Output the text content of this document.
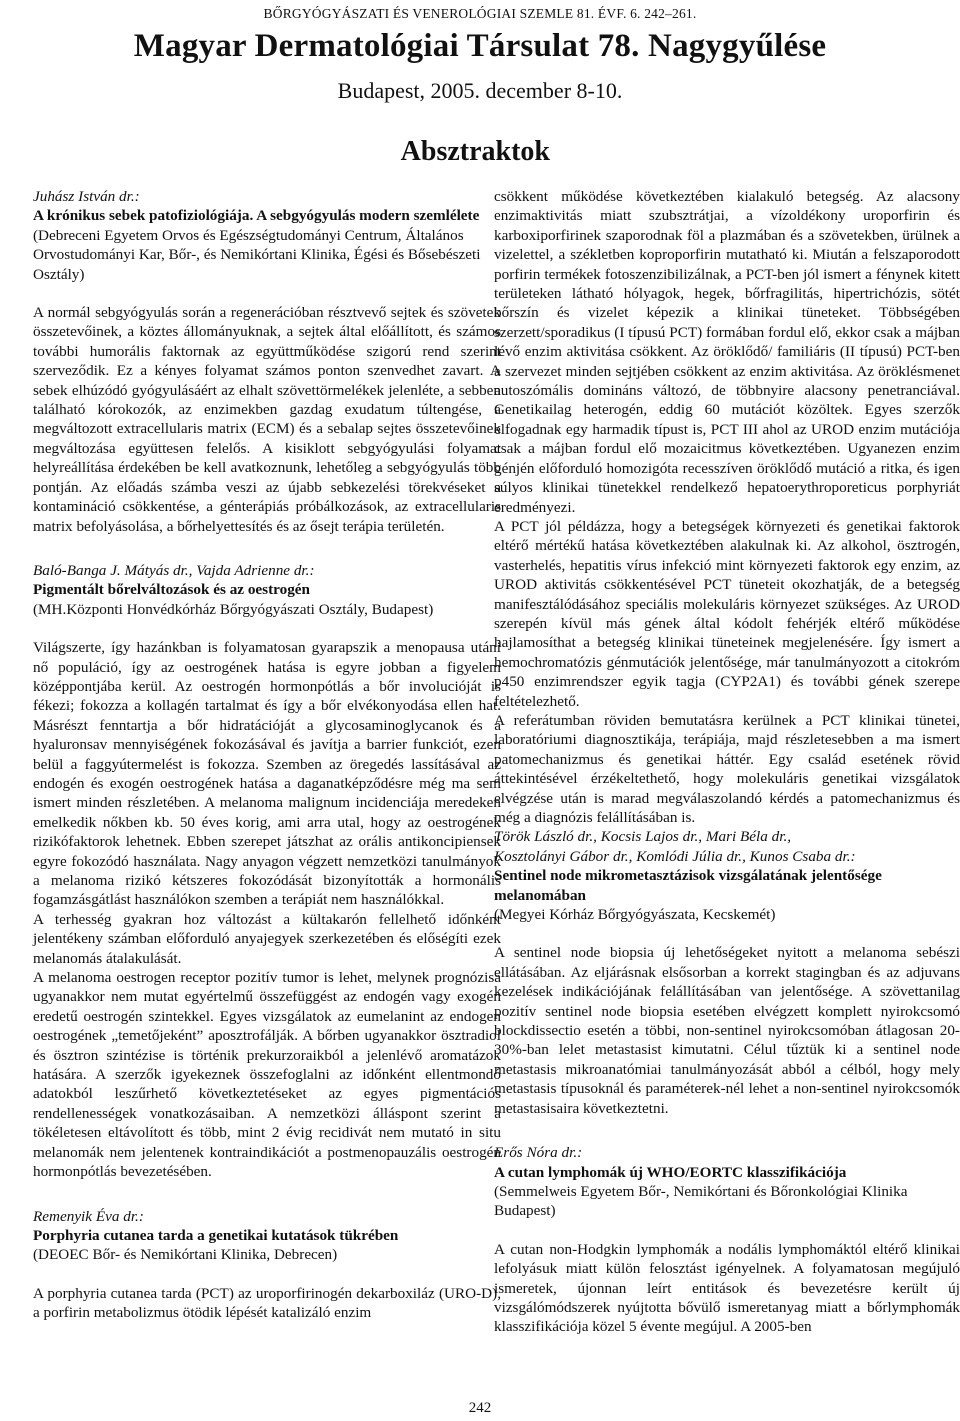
BŐRGYÓGYÁSZATI ÉS VENEROLÓGIAI SZEMLE 81. ÉVF. 6. 242–261.
Magyar Dermatológiai Társulat 78. Nagygyűlése
Budapest, 2005. december 8-10.
Absztraktok
Juhász István dr.:
A krónikus sebek patofiziológiája. A sebgyógyulás modern szemlélete
(Debreceni Egyetem Orvos és Egészségtudományi Centrum, Általános Orvostudományi Kar, Bőr-, és Nemikórtani Klinika, Égési és Bősebészeti Osztály)

A normál sebgyógyulás során a regenerációban résztvevő sejtek és szövetek összetevőinek, a köztes állományuknak, a sejtek által előállított, és számos további humorális faktornak az együttműködése szigorú rend szerint szerveződik. Ez a kényes folyamat számos ponton szenvedhet zavart. A sebek elhúzódó gyógyulásáért az elhalt szövettörmelékek jelenléte, a sebben található kórokozók, az enzimekben gazdag exudatum túltengése, a megváltozott extracellularis matrix (ECM) és a sebalap sejtes összetevőinek megváltozása együttesen felelős. A kisiklott sebgyógyulási folyamat helyreállítása érdekében be kell avatkoznunk, lehetőleg a sebgyógyulás több pontján. Az előadás számba veszi az újabb sebkezelési törekvéseket a kontamináció csökkentése, a génterápiás próbálkozások, az extracellularis matrix befolyásolása, a bőrhelyettesítés és az ősejt terápia területén.

Baló-Banga J. Mátyás dr., Vajda Adrienne dr.:
Pigmentált bőrelváltozások és az oestrogén
(MH.Központi Honvédkórház Bőrgyógyászati Osztály, Budapest)

Világszerte, így hazánkban is folyamatosan gyarapszik a menopausa utáni nő populáció, így az oestrogének hatása is egyre jobban a figyelem középpontjába kerül. Az oestrogén hormonpótlás a bőr involucióját is fékezi; fokozza a kollagén tartalmat és így a bőr elvékonyodása ellen hat. Másrészt fenntartja a bőr hidratációját a glycosaminoglycanok és a hyaluronsav mennyiségének fokozásával és javítja a barrier funkciót, ezen belül a faggyútermelést is fokozza. Szemben az öregedés lassításával az endogén és exogén oestrogének hatása a daganatképződésre még ma sem ismert minden részletében. A melanoma malignum incidenciája meredeken emelkedik nőkben kb. 50 éves korig, ami arra utal, hogy az oestrogének rizikófaktorok lehetnek. Ebben szerepet játszhat az orális antikoncipiensek egyre fokozódó használata. Nagy anyagon végzett nemzetközi tanulmányok a melanoma rizikó kétszeres fokozódását bizonyították a hormonális fogamzásgátlást használókon szemben a terápiát nem használókkal.

A terhesség gyakran hoz változást a kültakarón fellelhető időnként jelentékeny számban előforduló anyajegyek szerkezetében és előségíti ezek melanomás átalakulását.

A melanoma oestrogen receptor pozitív tumor is lehet, melynek prognózisa ugyanakkor nem mutat egyértelmű összefüggést az endogén vagy exogén eredetű oestrogén szintekkel. Egyes vizsgálatok az eumelanint az endogen oestrogének „temetőjeként” aposztrofálják. A bőrben ugyanakkor ösztradiol és ösztron szintézise is történik prekurzoraikból a jelenlévő aromatázok hatására. A szerzők igyekeznek összefoglalni az időnként ellentmondó adatokból leszűrhető következtetéseket az egyes pigmentációs rendellenességek vonatkozásaiban. A nemzetközi álláspont szerint a tökéletesen eltávolított és több, mint 2 évig recidivát nem mutató in situ melanomák nem jelentenek kontraindikációt a postmenopauzális oestrogén hormonpótlás bevezetésében.

Remenyik Éva dr.:
Porphyria cutanea tarda a genetikai kutatások tükrében
(DEOEC Bőr- és Nemikórtani Klinika, Debrecen)

A porphyria cutanea tarda (PCT) az uroporfirinogén dekarboxiláz (URO-D), a porfirin metabolizmus ötödik lépését katalizáló enzim

csökkent működése következtében kialakuló betegség. Az alacsony enzimaktivitás miatt szubsztrátjai, a vízoldékony uroporfirin és karboxiporfirinek szaporodnak föl a plazmában és a szövetekben, ürülnek a vizelettel, a székletben koproporfirin mutatható ki. Miután a felszaporodott porfirin termékek fotoszenzibilizálnak, a PCT-ben jól ismert a fénynek kitett területeken látható hólyagok, hegek, bőrfragilitás, hipertrichózis, sötét bőrszín és vizelet képezik a klinikai tüneteket. Többségében szerzett/sporadikus (I típusú PCT) formában fordul elő, ekkor csak a májban lévő enzim aktivitása csökkent. Az öröklődő/ familiáris (II típusú) PCT-ben a szervezet minden sejtjében csökkent az enzim aktivitása. Az öröklésmenet autoszómális domináns változó, de többnyire alacsony penetranciával. Genetikailag heterogén, eddig 60 mutációt közöltek. Egyes szerzők elfogadnak egy harmadik típust is, PCT III ahol az UROD enzim mutációja csak a májban fordul elő mozaicitmus következtében. Ugyanezen enzim génjén előforduló homozigóta recesszíven öröklődő mutáció a ritka, és igen súlyos klinikai tünetekkel rendelkező hepatoerythroporeticus porphyriát eredményezi.

A PCT jól példázza, hogy a betegségek környezeti és genetikai faktorok eltérő mértékű hatása következtében alakulnak ki. Az alkohol, ösztrogén, vasterhelés, hepatitis vírus infekció mint környezeti faktorok egy enzim, az UROD aktivitás csökkentésével PCT tüneteit okozhatják, de a betegség manifesztálódásához speciális molekuláris környezet szükséges. Az UROD szerepén kívül más gének által kódolt fehérjék eltérő működése hajlamosíthat a betegség klinikai tüneteinek megjelenésére. Így ismert a hemochromatózis génmutációk jelentősége, már tanulmányozott a citokróm p450 enzimrendszer egyik tagja (CYP2A1) és további gének szerepe feltételezhető.

A referátumban röviden bemutatásra kerülnek a PCT klinikai tünetei, laboratóriumi diagnosztikája, terápiája, majd részletesebben a ma ismert patomechanizmus és genetikai háttér. Egy család esetének rövid áttekintésével érzékeltethető, hogy molekuláris genetikai vizsgálatok elvégzése után is marad megválaszolandó kérdés a patomechanizmus és még a diagnózis felállításában is.

Török László dr., Kocsis Lajos dr., Mari Béla dr.,
Kosztolányi Gábor dr., Komlódi Júlia dr., Kunos Csaba dr.:
Sentinel node mikrometasztázisok vizsgálatának jelentősége melanomában
(Megyei Kórház Bőrgyógyászata, Kecskemét)

A sentinel node biopsia új lehetőségeket nyitott a melanoma sebészi ellátásában. Az eljárásnak elsősorban a korrekt stagingban és az adjuvans kezelések indikációjának felállításában van jelentősége. A szövettanilag pozitív sentinel node biopsia esetében elvégzett komplett nyirokcsomó blockdissectio esetén a többi, non-sentinel nyirokcsomóban átlagosan 20-30%-ban lelet metastasist kimutatni. Célul tűztük ki a sentinel node metastasis mikroanatómiai tanulmányozását abból a célból, hogy mely metastasis típusoknál és paraméterek-nél lehet a non-sentinel nyirokcsomók metastasisaira következtetni.

Erős Nóra dr.:
A cutan lymphomák új WHO/EORTC klasszifikációja
(Semmelweis Egyetem Bőr-, Nemikórtani és Bőronkológiai Klinika Budapest)

A cutan non-Hodgkin lymphomák a nodális lymphomáktól eltérő klinikai lefolyásuk miatt külön felosztást igényelnek. A folyamatosan megújuló ismeretek, újonnan leírt entitások és bevezetésre került új vizsgálómódszerek nyújtotta bővülő ismeretanyag miatt a bőrlymphomák klasszifikációja közel 5 évente megújul. A 2005-ben

242
